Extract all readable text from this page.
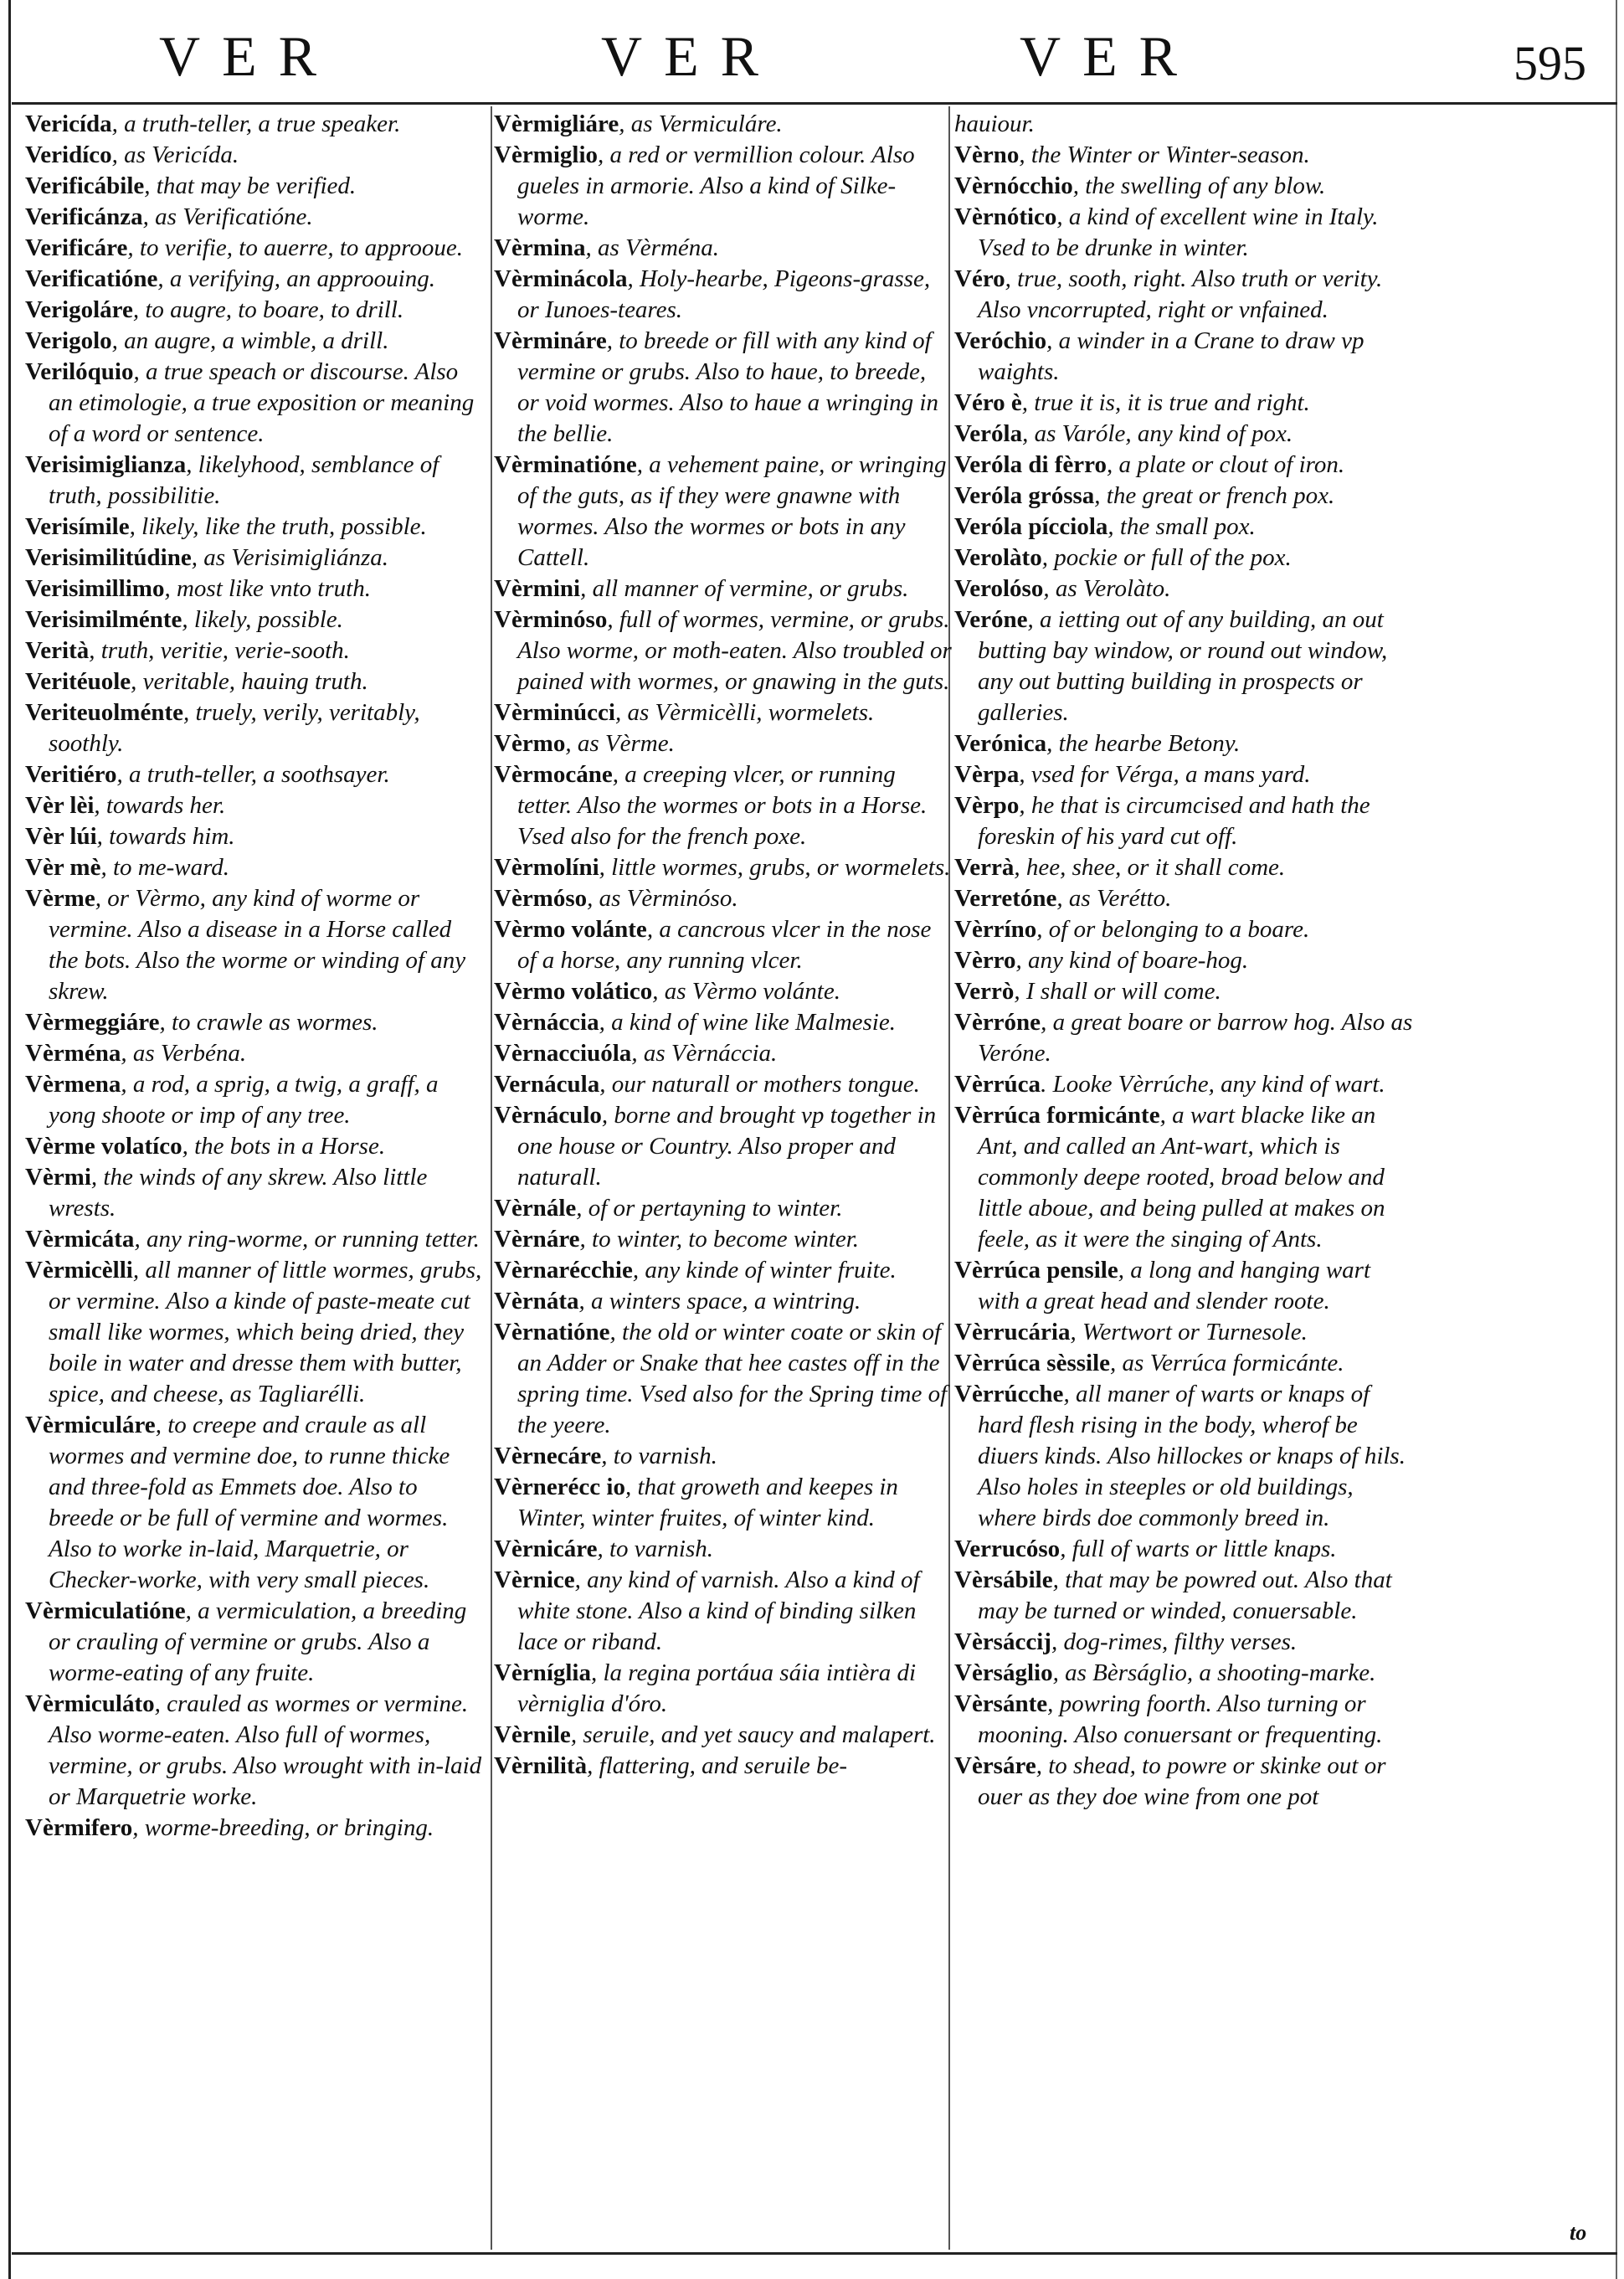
VER	VER	VER	595

Vericída, a truth-teller, a true speaker.

Veridíco, as Vericída.

Verificábile, that may be verified.

Verificánza, as Verificatióne.

Verificáre, to verifie, to auerre, to approoue.

Verificatióne, a verifying, an approouing.

Verigoláre, to augre, to boare, to drill.

Verigolo, an augre, a wimble, a drill.

Verilóquio, a true speach or discourse. Also an etimologie, a true exposition or meaning of a word or sentence.

Verisimiglianza, likelyhood, semblance of truth, possibilitie.

Verisímile, likely, like the truth, possible.

Verisimilitúdine, as Verisimigliánza.

Verisimillimo, most like vnto truth.

Verisimilménte, likely, possible.

Verità, truth, veritie, verie-sooth.

Veritéuole, veritable, hauing truth.

Veriteuolménte, truely, verily, veritably, soothly.

Veritiéro, a truth-teller, a soothsayer.

Vèr lèi, towards her.

Vèr lúi, towards him.

Vèr mè, to me-ward.

Vèrme, or Vèrmo, any kind of worme or vermine. Also a disease in a Horse called the bots. Also the worme or winding of any skrew.

Vèrmeggiáre, to crawle as wormes.

Vèrména, as Verbéna.

Vèrmena, a rod, a sprig, a twig, a graff, a yong shoote or imp of any tree.

Vèrme volatíco, the bots in a Horse.

Vèrmi, the winds of any skrew. Also little wrests.

Vèrmicáta, any ring-worme, or running tetter.

Vèrmicèlli, all manner of little wormes, grubs, or vermine. Also a kinde of paste-meate cut small like wormes, which being dried, they boile in water and dresse them with butter, spice, and cheese, as Tagliarélli.

Vèrmiculáre, to creepe and craule as all wormes and vermine doe, to runne thicke and three-fold as Emmets doe. Also to breede or be full of vermine and wormes. Also to worke in-laid, Marquetrie, or Checker-worke, with very small pieces.

Vèrmiculatióne, a vermiculation, a breeding or crauling of vermine or grubs. Also a worme-eating of any fruite.

Vèrmiculáto, crauled as wormes or vermine. Also worme-eaten. Also full of wormes, vermine, or grubs. Also wrought with in-laid or Marquetrie worke.

Vèrmifero, worme-breeding, or bringing.

Vèrmigliáre, as Vermiculáre.

Vèrmiglio, a red or vermillion colour. Also gueles in armorie. Also a kind of Silke-worme.

Vèrmina, as Vèrména.

Vèrminácola, Holy-hearbe, Pigeons-grasse, or Iunoes-teares.

Vèrmináre, to breede or fill with any kind of vermine or grubs. Also to haue, to breede, or void wormes. Also to haue a wringing in the bellie.

Vèrminatióne, a vehement paine, or wringing of the guts, as if they were gnawne with wormes. Also the wormes or bots in any Cattell.

Vèrmini, all manner of vermine, or grubs.

Vèrminóso, full of wormes, vermine, or grubs. Also worme, or moth-eaten. Also troubled or pained with wormes, or gnawing in the guts.

Vèrminúcci, as Vèrmicèlli, wormelets.

Vèrmo, as Vèrme.

Vèrmocáne, a creeping vlcer, or running tetter. Also the wormes or bots in a Horse. Vsed also for the french poxe.

Vèrmolíni, little wormes, grubs, or wormelets.

Vèrmóso, as Vèrminóso.

Vèrmo volánte, a cancrous vlcer in the nose of a horse, any running vlcer.

Vèrmo volático, as Vèrmo volánte.

Vèrnáccia, a kind of wine like Malmesie.

Vèrnacciuóla, as Vèrnáccia.

Vernácula, our naturall or mothers tongue.

Vèrnáculo, borne and brought vp together in one house or Country. Also proper and naturall.

Vèrnále, of or pertayning to winter.

Vèrnáre, to winter, to become winter.

Vèrnarécchie, any kinde of winter fruite.

Vèrnáta, a winters space, a wintring.

Vèrnatióne, the old or winter coate or skin of an Adder or Snake that hee castes off in the spring time. Vsed also for the Spring time of the yeere.

Vèrnecáre, to varnish.

Vèrnerécc io, that groweth and keepes in Winter, winter fruites, of winter kind.

Vèrnicáre, to varnish.

Vèrnice, any kind of varnish. Also a kind of white stone. Also a kind of binding silken lace or riband.

Vèrníglia, la regina portáua sáia intièra di vèrniglia d'óro.

Vèrnile, seruile, and yet saucy and malapert.

Vèrnilità, flattering, and seruile be-

hauiour.

Vèrno, the Winter or Winter-season.

Vèrnócchio, the swelling of any blow.

Vèrnótico, a kind of excellent wine in Italy. Vsed to be drunke in winter.

Véro, true, sooth, right. Also truth or verity. Also vncorrupted, right or vnfained.

Veróchio, a winder in a Crane to draw vp waights.

Véro è, true it is, it is true and right.

Veróla, as Varóle, any kind of pox.

Veróla di fèrro, a plate or clout of iron.

Veróla gróssa, the great or french pox.

Veróla pícciola, the small pox.

Verolàto, pockie or full of the pox.

Verolóso, as Verolàto.

Veróne, a ietting out of any building, an out butting bay window, or round out window, any out butting building in prospects or galleries.

Verónica, the hearbe Betony.

Vèrpa, vsed for Vérga, a mans yard.

Vèrpo, he that is circumcised and hath the foreskin of his yard cut off.

Verrà, hee, shee, or it shall come.

Verretóne, as Verétto.

Vèrríno, of or belonging to a boare.

Vèrro, any kind of boare-hog.

Verrò, I shall or will come.

Vèrróne, a great boare or barrow hog. Also as Veróne.

Vèrrúca. Looke Vèrrúche, any kind of wart.

Vèrrúca formicánte, a wart blacke like an Ant, and called an Ant-wart, which is commonly deepe rooted, broad below and little aboue, and being pulled at makes on feele, as it were the singing of Ants.

Vèrrúca pensile, a long and hanging wart with a great head and slender roote.

Vèrrucária, Wertwort or Turnesole.

Vèrrúca sèssile, as Verrúca formicánte.

Vèrrúcche, all maner of warts or knaps of hard flesh rising in the body, wherof be diuers kinds. Also hillockes or knaps of hils. Also holes in steeples or old buildings, where birds doe commonly breed in.

Verrucóso, full of warts or little knaps.

Vèrsábile, that may be powred out. Also that may be turned or winded, conuersable.

Vèrsáccij, dog-rimes, filthy verses.

Vèrságlio, as Bèrságlio, a shooting-marke.

Vèrsánte, powring foorth. Also turning or mooning. Also conuersant or frequenting.

Vèrsáre, to shead, to powre or skinke out or ouer as they doe wine from one pot

to
